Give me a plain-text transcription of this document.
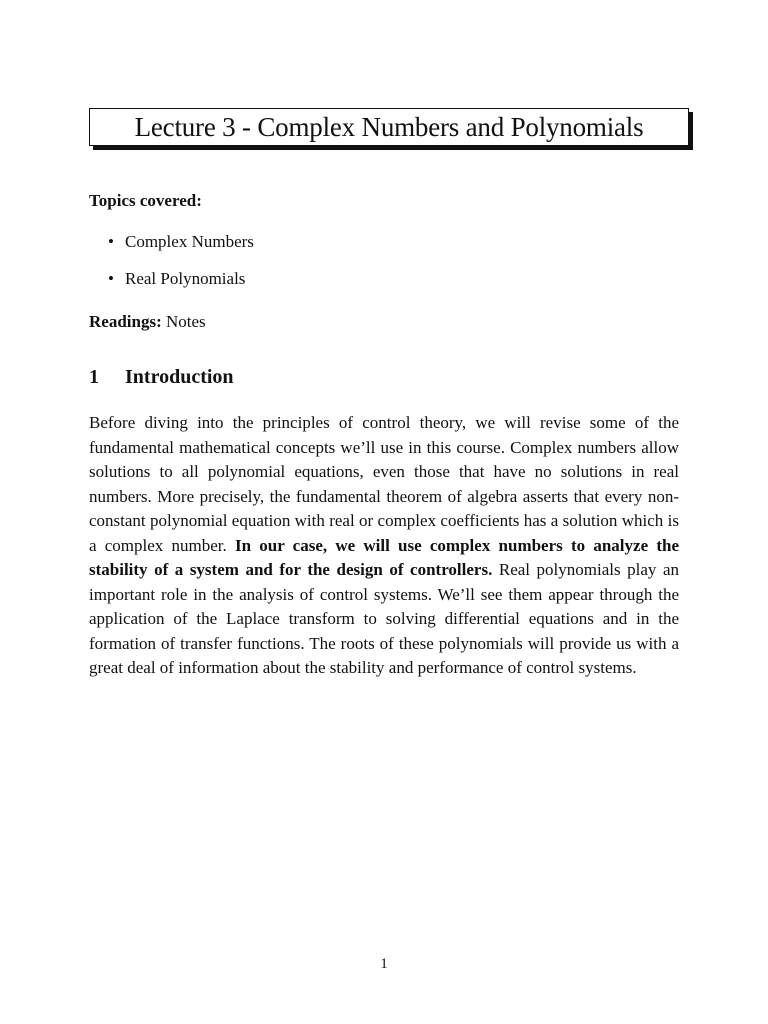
Lecture 3 - Complex Numbers and Polynomials
Topics covered:
• Complex Numbers
• Real Polynomials
Readings: Notes
1	Introduction

Before diving into the principles of control theory, we will revise some of the fundamental mathematical concepts we’ll use in this course. Complex numbers allow solutions to all polynomial equations, even those that have no solutions in real numbers. More precisely, the fundamental theorem of algebra asserts that every non-constant polynomial equation with real or complex coefficients has a solution which is a complex number. In our case, we will use complex numbers to analyze the stability of a system and for the design of controllers. Real polynomials play an important role in the analysis of control systems. We’ll see them appear through the application of the Laplace transform to solving differential equations and in the formation of transfer functions. The roots of these polynomials will provide us with a great deal of information about the stability and performance of control systems.

1
